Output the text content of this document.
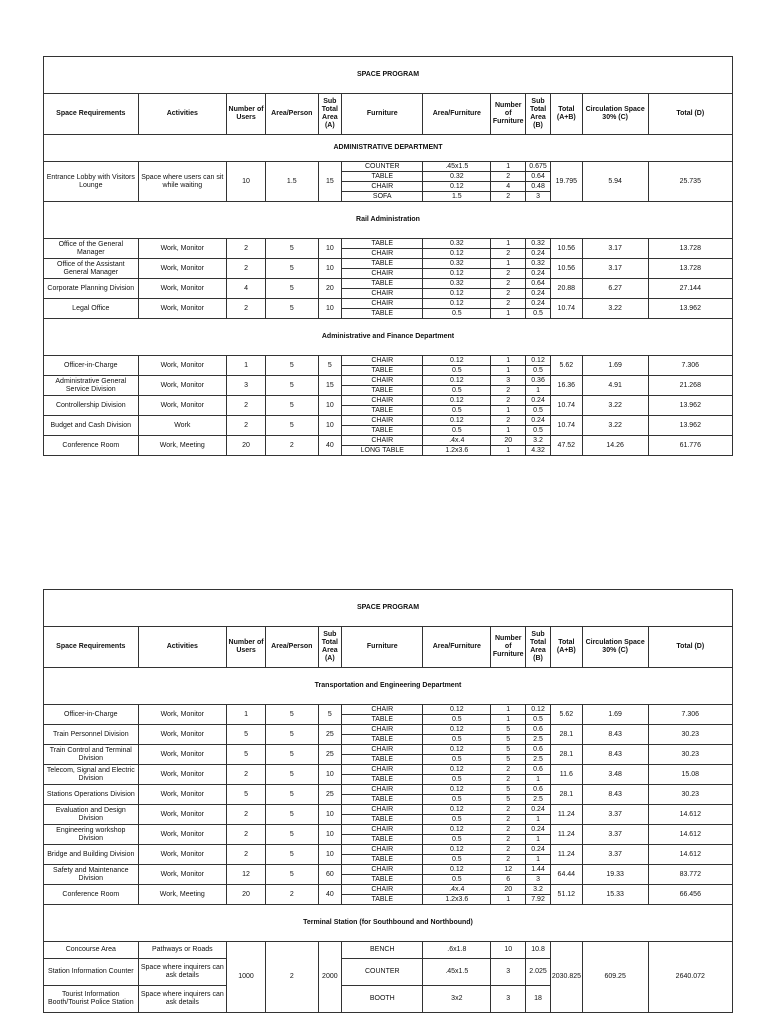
SPACE PROGRAM											
Space Requirements	Activities	Number of Users	Area/Person	Sub Total Area (A)	Furniture	Area/Furniture	Number of Furniture	Sub Total Area (B)	Total (A+B)	Circulation Space 30% (C)	Total (D)
ADMINISTRATIVE DEPARTMENT											
Entrance Lobby with Visitors Lounge	Space where users can sit while waiting	10	1.5	15	COUNTER	.45x1.5	1	0.675	19.795	5.94	25.735
					TABLE	0.32	2	0.64			
					CHAIR	0.12	4	0.48			
					SOFA	1.5	2	3			
Rail Administration											
Office of the General Manager	Work, Monitor	2	5	10	TABLE	0.32	1	0.32	10.56	3.17	13.728
					CHAIR	0.12	2	0.24			
Office of the Assistant General Manager	Work, Monitor	2	5	10	TABLE	0.32	1	0.32	10.56	3.17	13.728
					CHAIR	0.12	2	0.24			
Corporate Planning Division	Work, Monitor	4	5	20	TABLE	0.32	2	0.64	20.88	6.27	27.144
					CHAIR	0.12	2	0.24			
Legal Office	Work, Monitor	2	5	10	CHAIR	0.12	2	0.24	10.74	3.22	13.962
					TABLE	0.5	1	0.5			
Administrative and Finance Department											
Officer-in-Charge	Work, Monitor	1	5	5	CHAIR	0.12	1	0.12	5.62	1.69	7.306
					TABLE	0.5	1	0.5			
Administrative General Service Division	Work, Monitor	3	5	15	CHAIR	0.12	3	0.36	16.36	4.91	21.268
					TABLE	0.5	2	1			
Controllership Division	Work, Monitor	2	5	10	CHAIR	0.12	2	0.24	10.74	3.22	13.962
					TABLE	0.5	1	0.5			
Budget and Cash Division	Work	2	5	10	CHAIR	0.12	2	0.24	10.74	3.22	13.962
					TABLE	0.5	1	0.5			
Conference Room	Work, Meeting	20	2	40	CHAIR	.4x.4	20	3.2	47.52	14.26	61.776
					LONG TABLE	1.2x3.6	1	4.32			
SPACE PROGRAM											
Space Requirements	Activities	Number of Users	Area/Person	Sub Total Area (A)	Furniture	Area/Furniture	Number of Furniture	Sub Total Area (B)	Total (A+B)	Circulation Space 30% (C)	Total (D)
Transportation and Engineering Department											
Officer-in-Charge	Work, Monitor	1	5	5	CHAIR	0.12	1	0.12	5.62	1.69	7.306
					TABLE	0.5	1	0.5			
Train Personnel Division	Work, Monitor	5	5	25	CHAIR	0.12	5	0.6	28.1	8.43	30.23
					TABLE	0.5	5	2.5			
Train Control and Terminal Division	Work, Monitor	5	5	25	CHAIR	0.12	5	0.6	28.1	8.43	30.23
					TABLE	0.5	5	2.5			
Telecom, Signal and Electric Division	Work, Monitor	2	5	10	CHAIR	0.12	2	0.6	11.6	3.48	15.08
					TABLE	0.5	2	1			
Stations Operations Division	Work, Monitor	5	5	25	CHAIR	0.12	5	0.6	28.1	8.43	30.23
					TABLE	0.5	5	2.5			
Evaluation and Design Division	Work, Monitor	2	5	10	CHAIR	0.12	2	0.24	11.24	3.37	14.612
					TABLE	0.5	2	1			
Engineering workshop Division	Work, Monitor	2	5	10	CHAIR	0.12	2	0.24	11.24	3.37	14.612
					TABLE	0.5	2	1			
Bridge and Building Division	Work, Monitor	2	5	10	CHAIR	0.12	2	0.24	11.24	3.37	14.612
					TABLE	0.5	2	1			
Safety and Maintenance Division	Work, Monitor	12	5	60	CHAIR	0.12	12	1.44	64.44	19.33	83.772
					TABLE	0.5	6	3			
Conference Room	Work, Meeting	20	2	40	CHAIR	.4x.4	20	3.2	51.12	15.33	66.456
					TABLE	1.2x3.6	1	7.92			
Terminal Station (for Southbound and Northbound)											
Concourse Area	Pathways or Roads	1000	2	2000	BENCH	.6x1.8	10	10.8	2030.825	609.25	2640.072
Station Information Counter	Space where inquirers can ask details				COUNTER	.45x1.5	3	2.025			
Tourist Information Booth/Tourist Police Station	Space where inquirers can ask details				BOOTH	3x2	3	18			
